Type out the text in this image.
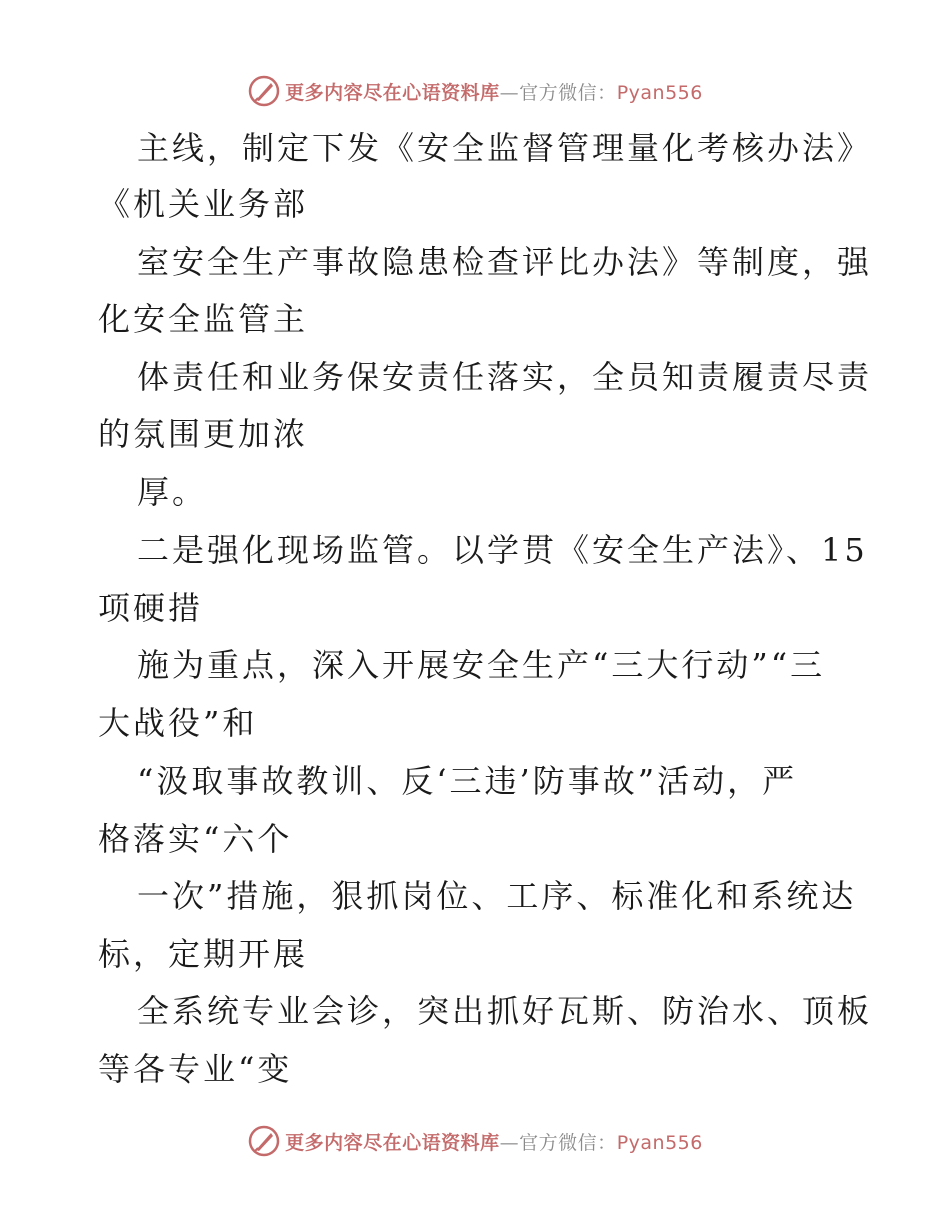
更多内容尽在心语资料库—官方微信：Pyan556
主线，制定下发《安全监督管理量化考核办法》
《机关业务部
室安全生产事故隐患检查评比办法》等制度，强
化安全监管主
体责任和业务保安责任落实，全员知责履责尽责
的氛围更加浓
厚。
二是强化现场监管。以学贯《安全生产法》、15
项硬措
施为重点，深入开展安全生产“三大行动”“三
大战役”和
“汲取事故教训、反‘三违’防事故”活动，严
格落实“六个
一次”措施，狠抓岗位、工序、标准化和系统达
标，定期开展
全系统专业会诊，突出抓好瓦斯、防治水、顶板
等各专业“变
更多内容尽在心语资料库—官方微信：Pyan556
